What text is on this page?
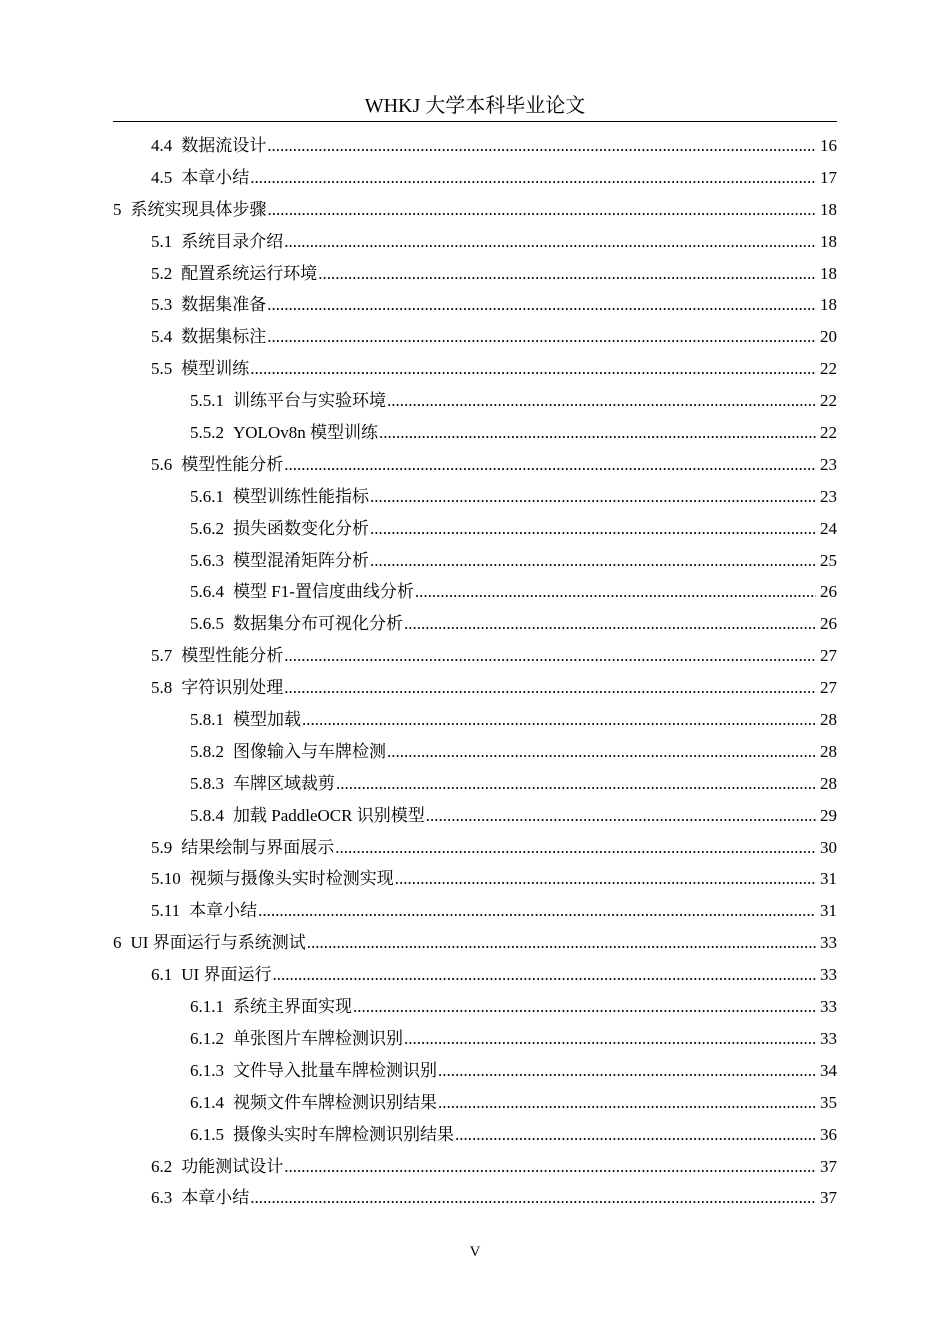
WHKJ 大学本科毕业论文
4.4 数据流设计 .....	16
4.5 本章小结 .....	17
5 系统实现具体步骤 .....	18
5.1 系统目录介绍 .....	18
5.2 配置系统运行环境 .....	18
5.3 数据集准备 .....	18
5.4 数据集标注 .....	20
5.5 模型训练 .....	22
5.5.1 训练平台与实验环境 .....	22
5.5.2 YOLOv8n 模型训练 .....	22
5.6 模型性能分析 .....	23
5.6.1 模型训练性能指标 .....	23
5.6.2 损失函数变化分析 .....	24
5.6.3 模型混淆矩阵分析 .....	25
5.6.4 模型 F1-置信度曲线分析 .....	26
5.6.5 数据集分布可视化分析 .....	26
5.7 模型性能分析 .....	27
5.8 字符识别处理 .....	27
5.8.1 模型加载 .....	28
5.8.2 图像输入与车牌检测 .....	28
5.8.3 车牌区域裁剪 .....	28
5.8.4 加载 PaddleOCR 识别模型 .....	29
5.9 结果绘制与界面展示 .....	30
5.10 视频与摄像头实时检测实现 .....	31
5.11 本章小结 .....	31
6 UI 界面运行与系统测试 .....	33
6.1 UI 界面运行 .....	33
6.1.1 系统主界面实现 .....	33
6.1.2 单张图片车牌检测识别 .....	33
6.1.3 文件导入批量车牌检测识别 .....	34
6.1.4 视频文件车牌检测识别结果 .....	35
6.1.5 摄像头实时车牌检测识别结果 .....	36
6.2 功能测试设计 .....	37
6.3 本章小结 .....	37
V
